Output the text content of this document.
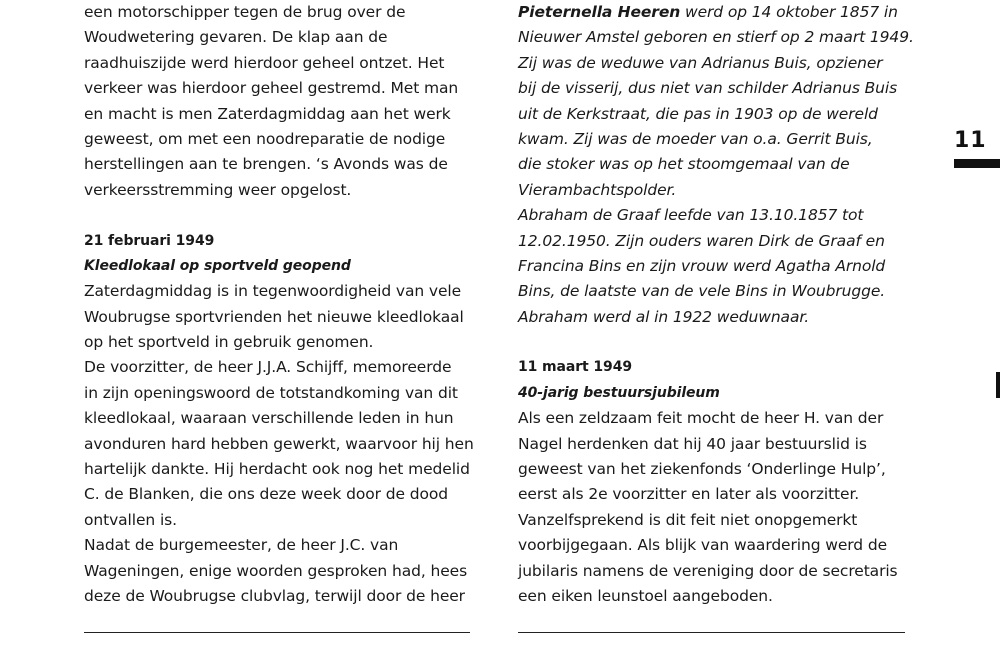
een motorschipper tegen de brug over de
Woudwetering gevaren. De klap aan de
raadhuiszijde werd hierdoor geheel ontzet. Het
verkeer was hierdoor geheel gestremd. Met man
en macht is men Zaterdagmiddag aan het werk
geweest, om met een noodreparatie de nodige
herstellingen aan te brengen. ‘s Avonds was de
verkeersstremming weer opgelost.
21 februari 1949
Kleedlokaal op sportveld geopend
Zaterdagmiddag is in tegenwoordigheid van vele
Woubrugse sportvrienden het nieuwe kleedlokaal
op het sportveld in gebruik genomen.
De voorzitter, de heer J.J.A. Schijff, memoreerde
in zijn openingswoord de totstandkoming van dit
kleedlokaal, waaraan verschillende leden in hun
avonduren hard hebben gewerkt, waarvoor hij hen
hartelijk dankte. Hij herdacht ook nog het medelid
C. de Blanken, die ons deze week door de dood
ontvallen is.
Nadat de burgemeester, de heer J.C. van
Wageningen, enige woorden gesproken had, hees
deze de Woubrugse clubvlag, terwijl door de heer
Pieternella Heeren werd op 14 oktober 1857 in
Nieuwer Amstel geboren en stierf op 2 maart 1949.
Zij was de weduwe van Adrianus Buis, opziener
bij de visserij, dus niet van schilder Adrianus Buis
uit de Kerkstraat, die pas in 1903 op de wereld
kwam. Zij was de moeder van o.a. Gerrit Buis,
die stoker was op het stoomgemaal van de
Vierambachtspolder.
Abraham de Graaf leefde van 13.10.1857 tot
12.02.1950. Zijn ouders waren Dirk de Graaf en
Francina Bins en zijn vrouw werd Agatha Arnold
Bins, de laatste van de vele Bins in Woubrugge.
Abraham werd al in 1922 weduwnaar.
11 maart 1949
40-jarig bestuursjubileum
Als een zeldzaam feit mocht de heer H. van der
Nagel herdenken dat hij 40 jaar bestuurslid is
geweest van het ziekenfonds ‘Onderlinge Hulp’,
eerst als 2e voorzitter en later als voorzitter.
Vanzelfsprekend is dit feit niet onopgemerkt
voorbijgegaan. Als blijk van waardering werd de
jubilaris namens de vereniging door de secretaris
een eiken leunstoel aangeboden.
11
